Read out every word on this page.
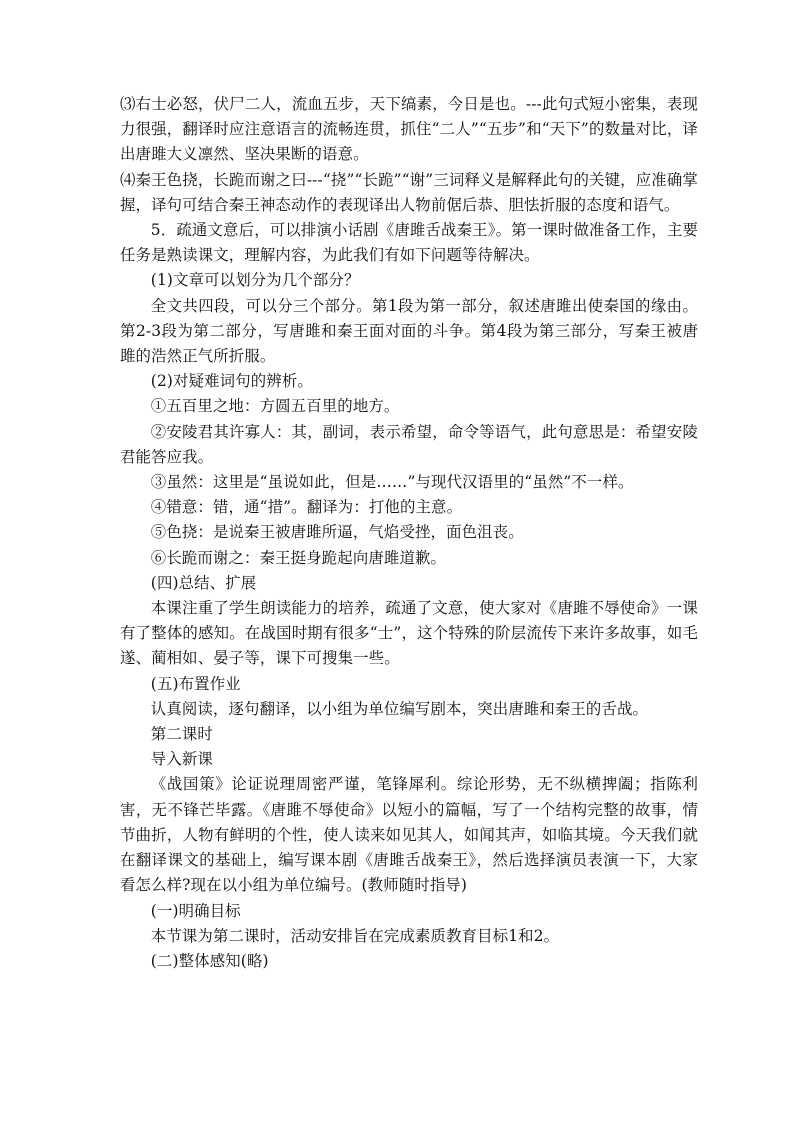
⑶右士必怒，伏尸二人，流血五步，天下缟素，今日是也。---此句式短小密集，表现力很强，翻译时应注意语言的流畅连贯，抓住“二人”“五步”和“天下”的数量对比，译出唐雎大义凛然、坚决果断的语意。

⑷秦王色挠，长跪而谢之曰---“挠”“长跪”“谢”三词释义是解释此句的关键，应准确掌握，译句可结合秦王神态动作的表现译出人物前倨后恭、胆怯折服的态度和语气。

5．疏通文意后，可以排演小话剧《唐雎舌战秦王》。第一课时做准备工作，主要任务是熟读课文，理解内容，为此我们有如下问题等待解决。

(1)文章可以划分为几个部分？

全文共四段，可以分三个部分。第1段为第一部分，叙述唐雎出使秦国的缘由。第2-3段为第二部分，写唐雎和秦王面对面的斗争。第4段为第三部分，写秦王被唐雎的浩然正气所折服。

(2)对疑难词句的辨析。

①五百里之地：方圆五百里的地方。

②安陵君其许寡人：其，副词，表示希望，命令等语气，此句意思是：希望安陵君能答应我。

③虽然：这里是“虽说如此，但是……”与现代汉语里的“虽然”不一样。

④错意：错，通“措”。翻译为：打他的主意。

⑤色挠：是说秦王被唐雎所逼，气焰受挫，面色沮丧。

⑥长跪而谢之：秦王挺身跪起向唐雎道歉。

(四)总结、扩展

本课注重了学生朗读能力的培养，疏通了文意，使大家对《唐雎不辱使命》一课有了整体的感知。在战国时期有很多“士”，这个特殊的阶层流传下来许多故事，如毛遂、蔺相如、晏子等，课下可搜集一些。

(五)布置作业

认真阅读，逐句翻译，以小组为单位编写剧本，突出唐雎和秦王的舌战。

第二课时

导入新课

《战国策》论证说理周密严谨，笔锋犀利。综论形势，无不纵横捭阖；指陈利害，无不锋芒毕露。《唐雎不辱使命》以短小的篇幅，写了一个结构完整的故事，情节曲折，人物有鲜明的个性，使人读来如见其人，如闻其声，如临其境。今天我们就在翻译课文的基础上，编写课本剧《唐雎舌战秦王》，然后选择演员表演一下，大家看怎么样?现在以小组为单位编号。(教师随时指导)

(一)明确目标

本节课为第二课时，活动安排旨在完成素质教育目标1和2。

(二)整体感知(略)
